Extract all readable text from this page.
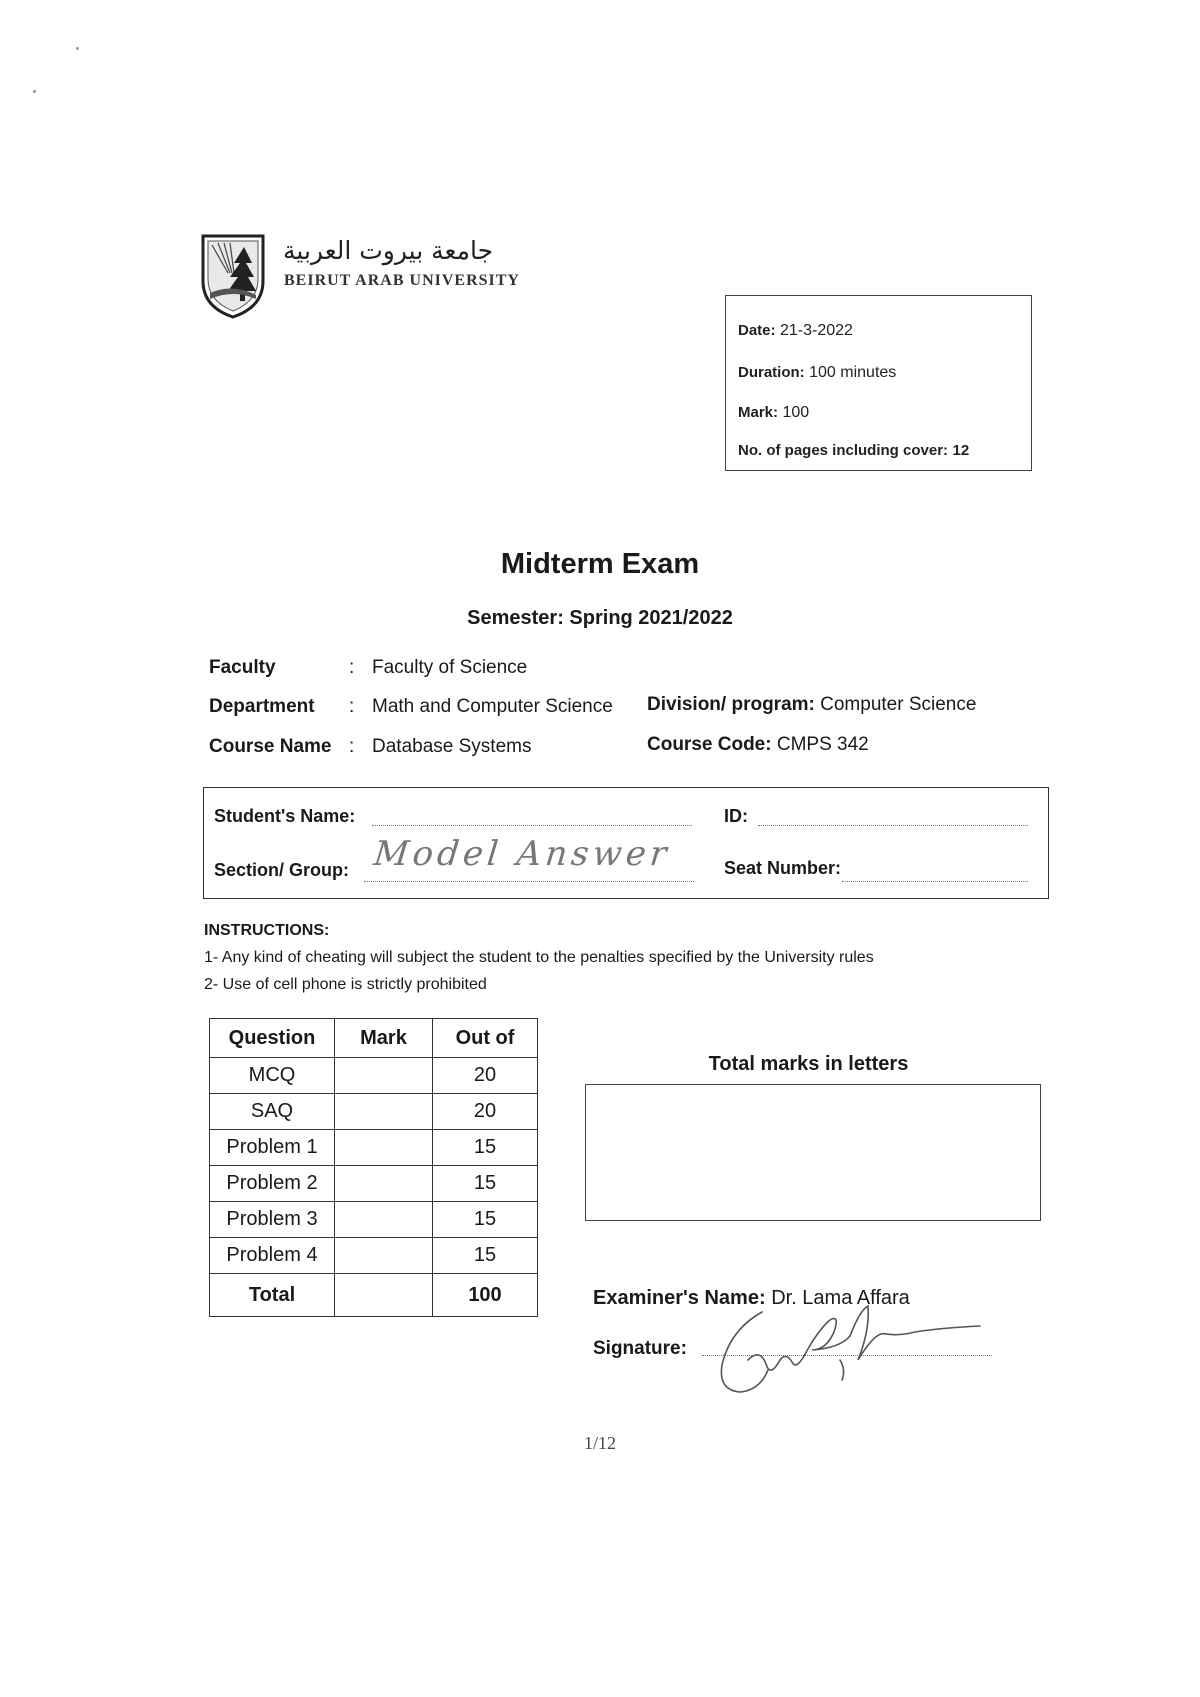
جامعة بيروت العربية
BEIRUT ARAB UNIVERSITY
Date: 21-3-2022
Duration: 100 minutes
Mark: 100
No. of pages including cover: 12
Midterm Exam
Semester: Spring 2021/2022
Faculty	: Faculty of Science
Department : Math and Computer Science Division/ program: Computer Science
Course Name : Database Systems	Course Code: CMPS 342
Student's Name:	ID:
Section/ Group: Model Answer	Seat Number:
INSTRUCTIONS:
1- Any kind of cheating will subject the student to the penalties specified by the University rules
2- Use of cell phone is strictly prohibited
Question	Mark	Out of
MCQ		20
SAQ		20
Problem 1		15
Problem 2		15
Problem 3		15
Problem 4		15
Total		100
Total marks in letters
Examiner's Name: Dr. Lama Affara
Signature:
1/12
